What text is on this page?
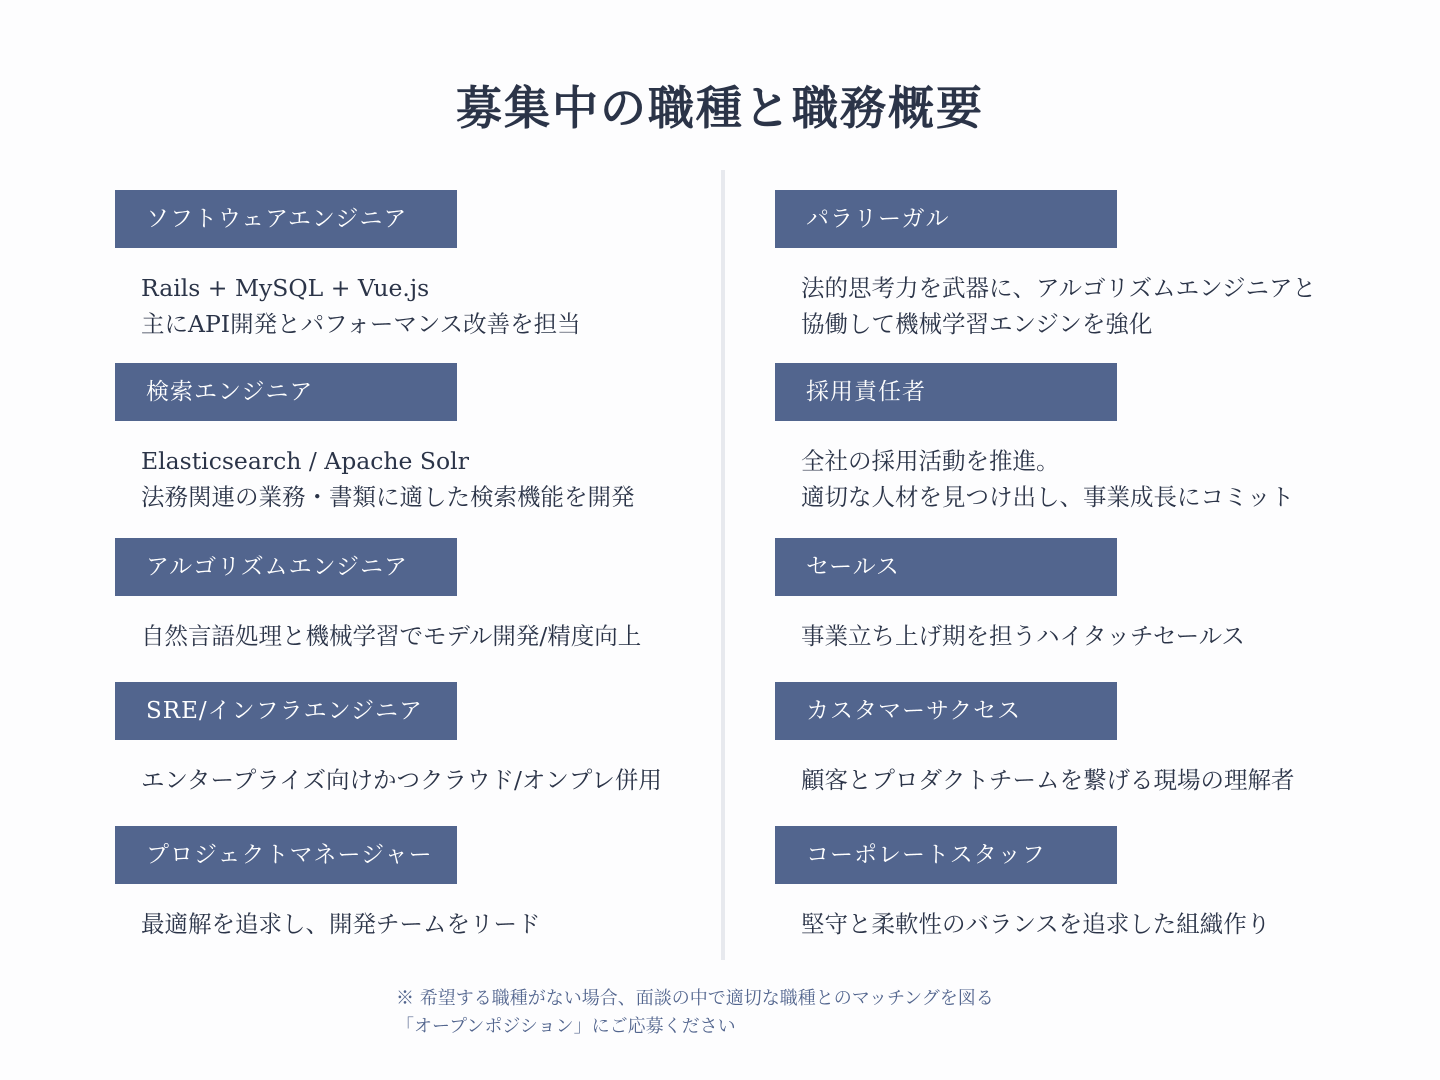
募集中の職種と職務概要
ソフトウェアエンジニア
Rails + MySQL + Vue.js
主にAPI開発とパフォーマンス改善を担当
検索エンジニア
Elasticsearch / Apache Solr
法務関連の業務・書類に適した検索機能を開発
アルゴリズムエンジニア
自然言語処理と機械学習でモデル開発/精度向上
SRE/インフラエンジニア
エンタープライズ向けかつクラウド/オンプレ併用
プロジェクトマネージャー
最適解を追求し、開発チームをリード
パラリーガル
法的思考力を武器に、アルゴリズムエンジニアと
協働して機械学習エンジンを強化
採用責任者
全社の採用活動を推進。
適切な人材を見つけ出し、事業成長にコミット
セールス
事業立ち上げ期を担うハイタッチセールス
カスタマーサクセス
顧客とプロダクトチームを繋げる現場の理解者
コーポレートスタッフ
堅守と柔軟性のバランスを追求した組織作り
※ 希望する職種がない場合、面談の中で適切な職種とのマッチングを図る
「オープンポジション」にご応募ください
